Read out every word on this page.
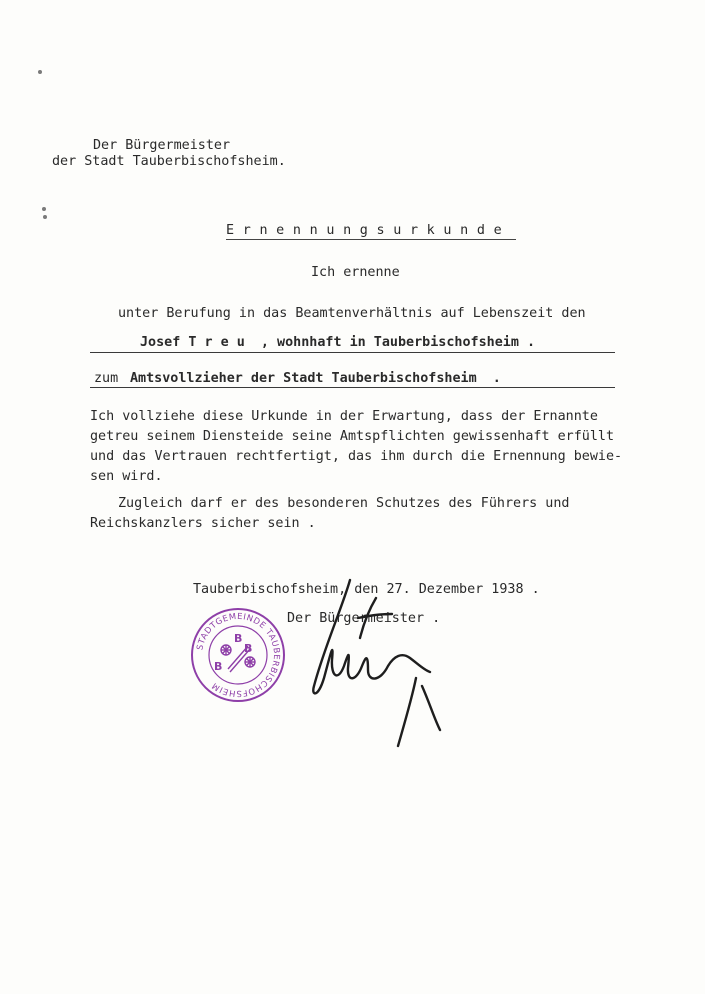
Der Bürgermeister
der Stadt Tauberbischofsheim.
E r n e n n u n g s u r k u n d e
Ich ernenne
unter Berufung in das Beamtenverhältnis auf Lebenszeit den
Josef T r e u  , wohnhaft in Tauberbischofsheim .
zum Amtsvollzieher der Stadt Tauberbischofsheim  .
Ich vollziehe diese Urkunde in der Erwartung, dass der Ernannte
getreu seinem Diensteide seine Amtspflichten gewissenhaft erfüllt
und das Vertrauen rechtfertigt, das ihm durch die Ernennung bewie-
sen wird.
Zugleich darf er des besonderen Schutzes des Führers und
Reichskanzlers sicher sein .
Tauberbischofsheim, den 27. Dezember 1938 .
Der Bürgermeister .
STADTGEMEINDE TAUBERBISCHOFSHEIM
B
B
B
